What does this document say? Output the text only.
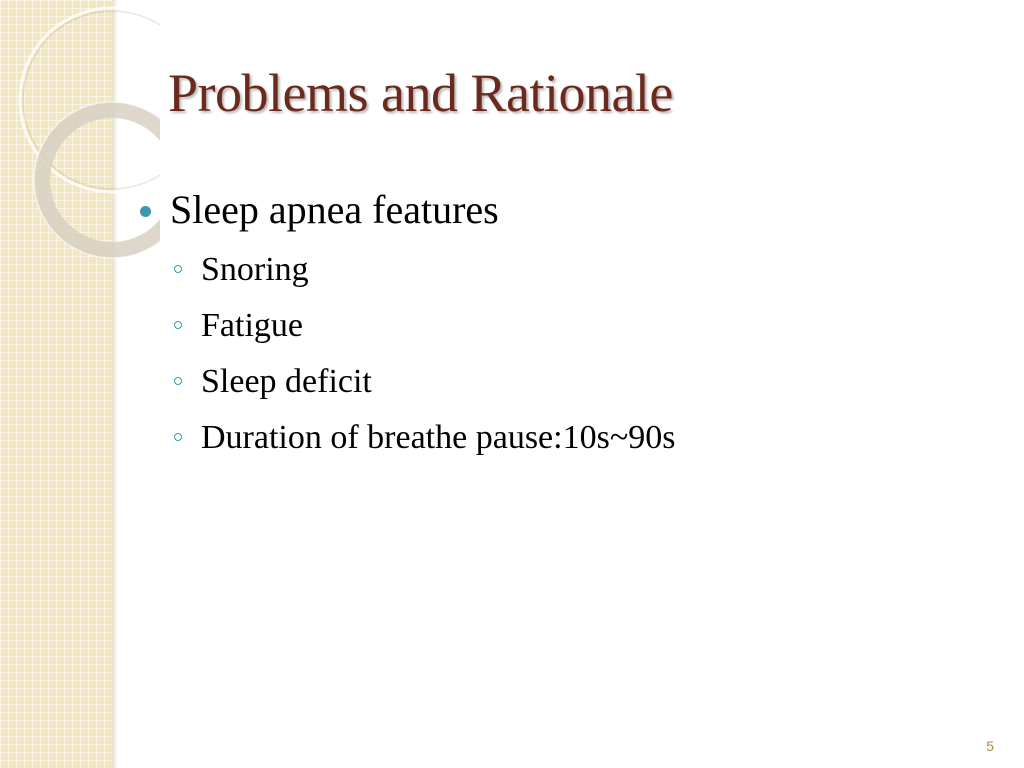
Problems and Rationale
Sleep apnea features
Snoring
Fatigue
Sleep deficit
Duration of breathe pause:10s~90s
5
